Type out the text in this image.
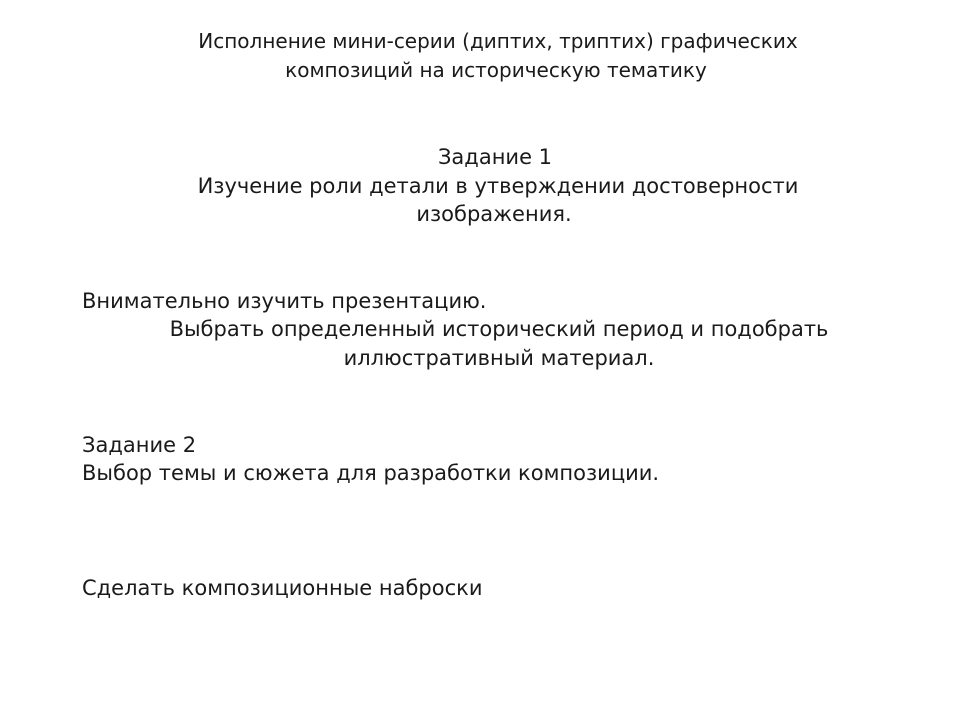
Исполнение мини-серии (диптих, триптих) графических
композиций на историческую тематику
Задание 1
Изучение роли детали в утверждении достоверности
изображения.
Внимательно изучить презентацию.
Выбрать определенный исторический период и подобрать
иллюстративный материал.
Задание 2
Выбор темы и сюжета для разработки композиции.
Сделать композиционные наброски
